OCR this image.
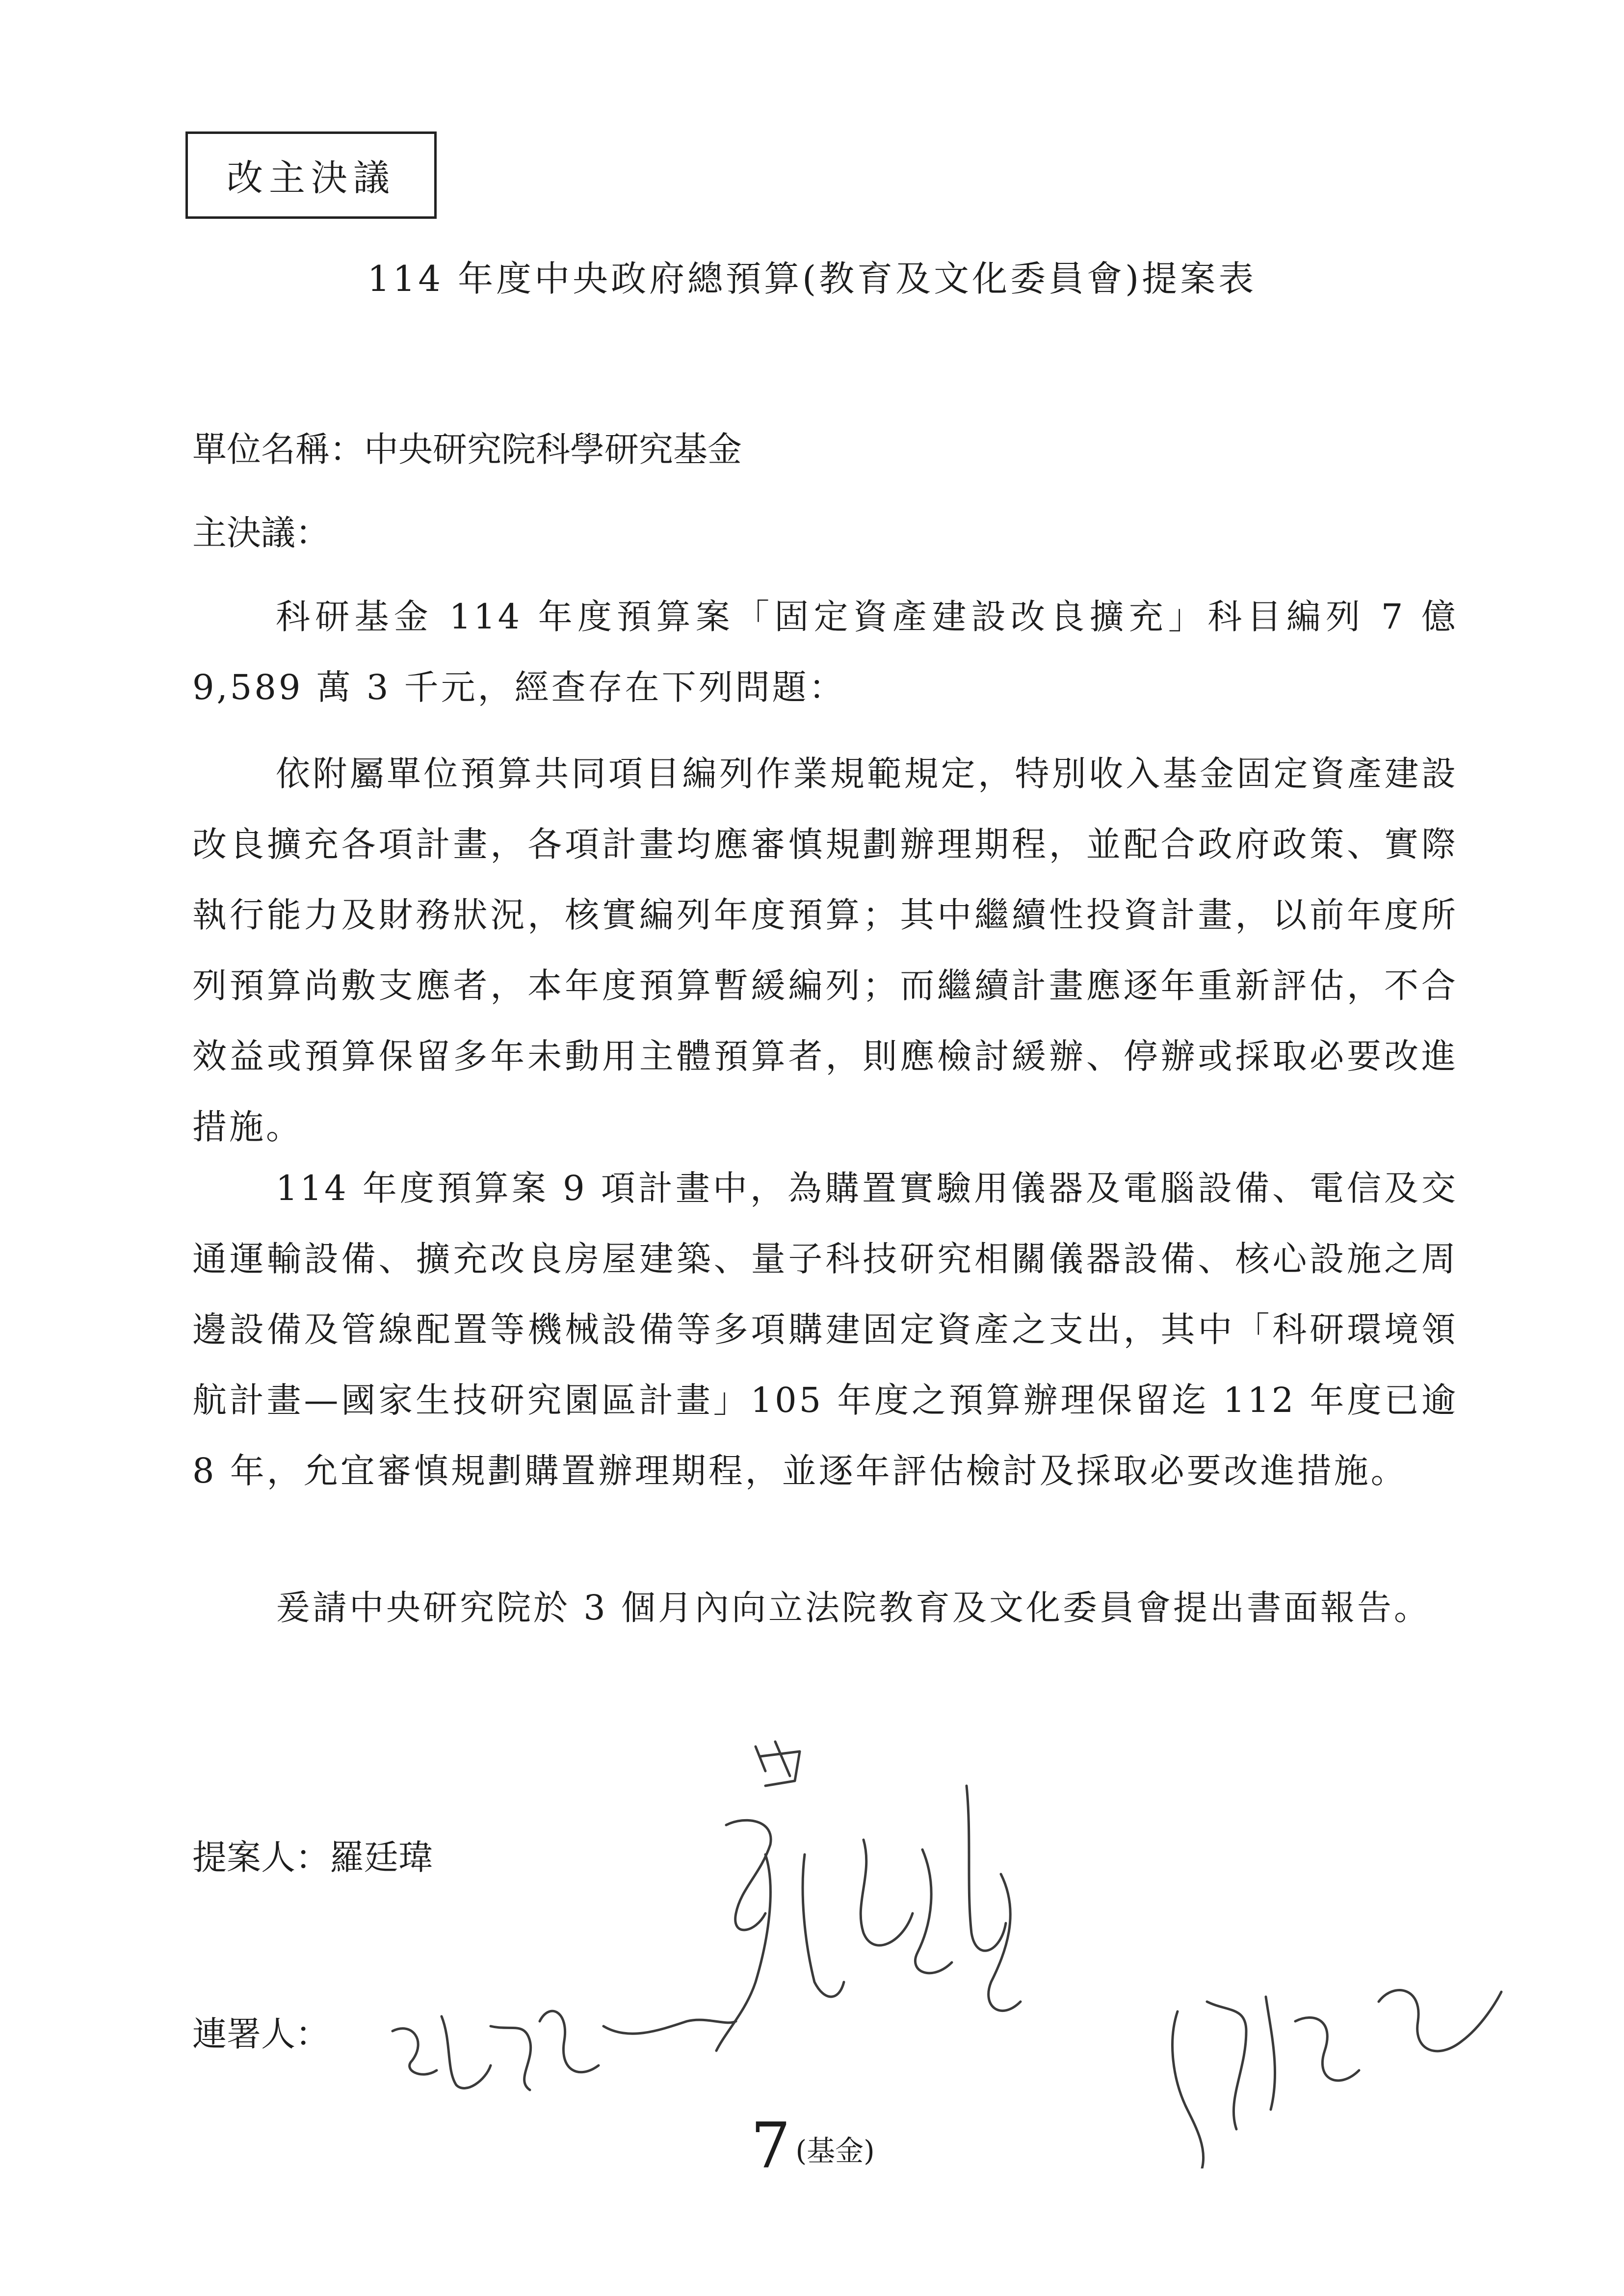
改主決議
114 年度中央政府總預算(教育及文化委員會)提案表
單位名稱：中央研究院科學研究基金
主決議：
科研基金 114 年度預算案「固定資產建設改良擴充」科目編列 7 億 9,589 萬 3 千元，經查存在下列問題：
依附屬單位預算共同項目編列作業規範規定，特別收入基金固定資產建設改良擴充各項計畫，各項計畫均應審慎規劃辦理期程，並配合政府政策、實際執行能力及財務狀況，核實編列年度預算；其中繼續性投資計畫，以前年度所列預算尚敷支應者，本年度預算暫緩編列；而繼續計畫應逐年重新評估，不合效益或預算保留多年未動用主體預算者，則應檢討緩辦、停辦或採取必要改進措施。
114 年度預算案 9 項計畫中，為購置實驗用儀器及電腦設備、電信及交通運輸設備、擴充改良房屋建築、量子科技研究相關儀器設備、核心設施之周邊設備及管線配置等機械設備等多項購建固定資產之支出，其中「科研環境領航計畫—國家生技研究園區計畫」105 年度之預算辦理保留迄 112 年度已逾 8 年，允宜審慎規劃購置辦理期程，並逐年評估檢討及採取必要改進措施。
爰請中央研究院於 3 個月內向立法院教育及文化委員會提出書面報告。
提案人：羅廷瑋
連署人：
7 (基金)
